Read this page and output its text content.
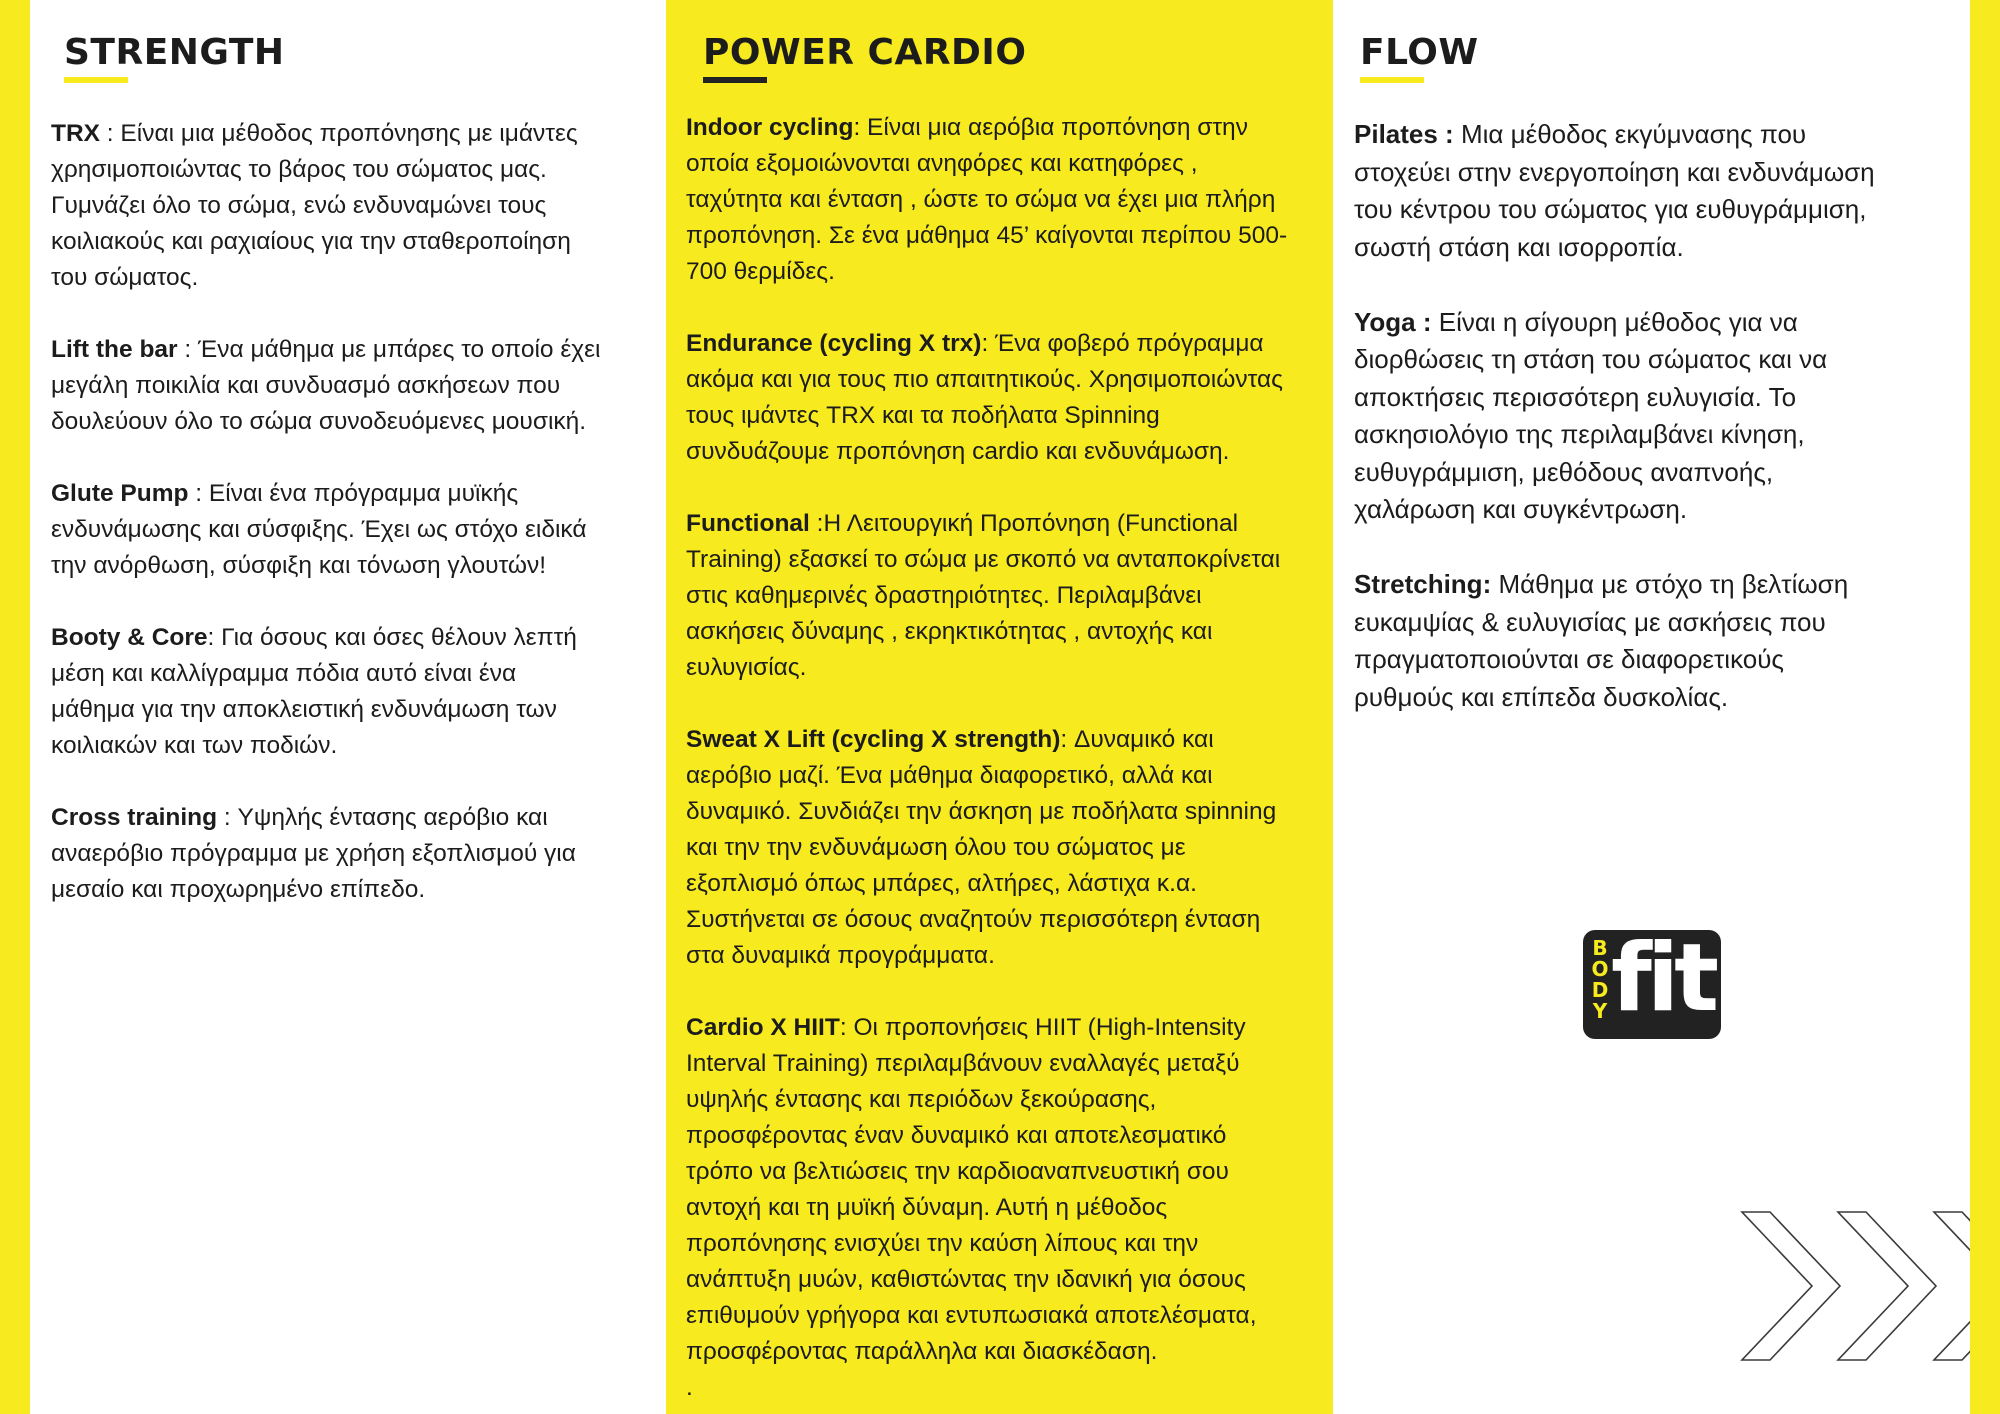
STRENGTH

TRX : Είναι μια μέθοδος προπόνησης με ιμάντες
χρησιμοποιώντας το βάρος του σώματος μας.
Γυμνάζει όλο το σώμα, ενώ ενδυναμώνει τους
κοιλιακούς και ραχιαίους για την σταθεροποίηση
του σώματος.

Lift the bar : Ένα μάθημα με μπάρες το οποίο έχει
μεγάλη ποικιλία και συνδυασμό ασκήσεων που
δουλεύουν όλο το σώμα συνοδευόμενες μουσική.

Glute Pump : Είναι ένα πρόγραμμα μυϊκής
ενδυνάμωσης και σύσφιξης. Έχει ως στόχο ειδικά
την ανόρθωση, σύσφιξη και τόνωση γλουτών!

Booty & Core: Για όσους και όσες θέλουν λεπτή
μέση και καλλίγραμμα πόδια αυτό είναι ένα
μάθημα για την αποκλειστική ενδυνάμωση των
κοιλιακών και των ποδιών.

Cross training : Υψηλής έντασης αερόβιο και
αναερόβιο πρόγραμμα με χρήση εξοπλισμού για
μεσαίο και προχωρημένο επίπεδο.

POWER CARDIO

Indoor cycling: Είναι μια αερόβια προπόνηση στην
οποία εξομοιώνονται ανηφόρες και κατηφόρες ,
ταχύτητα και ένταση , ώστε το σώμα να έχει μια πλήρη
προπόνηση. Σε ένα μάθημα 45’ καίγονται περίπου 500-
700 θερμίδες.

Endurance (cycling X trx): Ένα φοβερό πρόγραμμα
ακόμα και για τους πιο απαιτητικούς. Χρησιμοποιώντας
τους ιμάντες TRX και τα ποδήλατα Spinning
συνδυάζουμε προπόνηση cardio και ενδυνάμωση.

Functional :Η Λειτουργική Προπόνηση (Functional
Training) εξασκεί το σώμα με σκοπό να ανταποκρίνεται
στις καθημερινές δραστηριότητες. Περιλαμβάνει
ασκήσεις δύναμης , εκρηκτικότητας , αντοχής και
ευλυγισίας.

Sweat X Lift (cycling X strength): Δυναμικό και
αερόβιο μαζί. Ένα μάθημα διαφορετικό, αλλά και
δυναμικό. Συνδιάζει την άσκηση με ποδήλατα spinning
και την την ενδυνάμωση όλου του σώματος με
εξοπλισμό όπως μπάρες, αλτήρες, λάστιχα κ.α.
Συστήνεται σε όσους αναζητούν περισσότερη ένταση
στα δυναμικά προγράμματα.

Cardio X HIIT: Οι προπονήσεις HIIT (High-Intensity
Interval Training) περιλαμβάνουν εναλλαγές μεταξύ
υψηλής έντασης και περιόδων ξεκούρασης,
προσφέροντας έναν δυναμικό και αποτελεσματικό
τρόπο να βελτιώσεις την καρδιοαναπνευστική σου
αντοχή και τη μυϊκή δύναμη. Αυτή η μέθοδος
προπόνησης ενισχύει την καύση λίπους και την
ανάπτυξη μυών, καθιστώντας την ιδανική για όσους
επιθυμούν γρήγορα και εντυπωσιακά αποτελέσματα,
προσφέροντας παράλληλα και διασκέδαση.
.

FLOW

Pilates : Μια μέθοδος εκγύμνασης που
στοχεύει στην ενεργοποίηση και ενδυνάμωση
του κέντρου του σώματος για ευθυγράμμιση,
σωστή στάση και ισορροπία.

Yoga : Είναι η σίγουρη μέθοδος για να
διορθώσεις τη στάση του σώματος και να
αποκτήσεις περισσότερη ευλυγισία. Το
ασκησιολόγιο της περιλαμβάνει κίνηση,
ευθυγράμμιση, μεθόδους αναπνοής,
χαλάρωση και συγκέντρωση.

Stretching: Μάθημα με στόχο τη βελτίωση
ευκαμψίας & ευλυγισίας με ασκήσεις που
πραγματοποιούνται σε διαφορετικούς
ρυθμούς και επίπεδα δυσκολίας.

BODY fit
